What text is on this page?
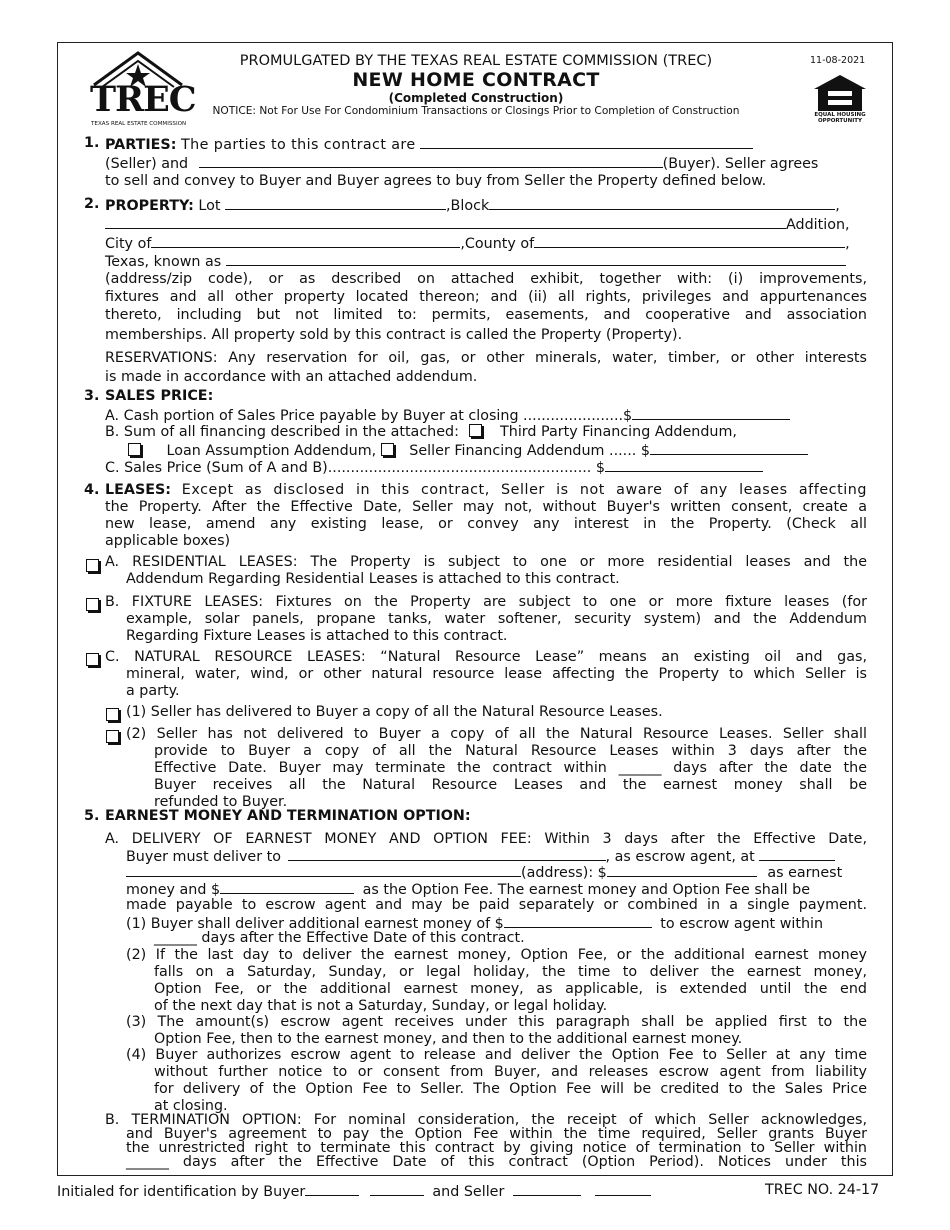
TREC
TEXAS REAL ESTATE COMMISSION
PROMULGATED BY THE TEXAS REAL ESTATE COMMISSION (TREC)
NEW HOME CONTRACT
(Completed Construction)
NOTICE: Not For Use For Condominium Transactions or Closings Prior to Completion of Construction
11-08-2021
EQUAL HOUSING
OPPORTUNITY
1. PARTIES: The parties to this contract are
(Seller) and	(Buyer). Seller agrees
to sell and convey to Buyer and Buyer agrees to buy from Seller the Property defined below.
2. PROPERTY: Lot	,Block	,
Addition,
City of	,County of	,
Texas, known as
(address/zip code), or as described on attached exhibit, together with: (i) improvements,
fixtures and all other property located thereon; and (ii) all rights, privileges and appurtenances
thereto, including but not limited to: permits, easements, and cooperative and association
memberships. All property sold by this contract is called the Property (Property).
RESERVATIONS: Any reservation for oil, gas, or other minerals, water, timber, or other interests
is made in accordance with an attached addendum.
3. SALES PRICE:
A. Cash portion of Sales Price payable by Buyer at closing ......................$
B. Sum of all financing described in the attached:	Third Party Financing Addendum,
Loan Assumption Addendum, Seller Financing Addendum ...... $
C. Sales Price (Sum of A and B).......................................................... $
4. LEASES: Except as disclosed in this contract, Seller is not aware of any leases affecting
the Property. After the Effective Date, Seller may not, without Buyer's written consent, create a
new lease, amend any existing lease, or convey any interest in the Property. (Check all
applicable boxes)
A. RESIDENTIAL LEASES: The Property is subject to one or more residential leases and the
Addendum Regarding Residential Leases is attached to this contract.
B. FIXTURE LEASES: Fixtures on the Property are subject to one or more fixture leases (for
example, solar panels, propane tanks, water softener, security system) and the Addendum
Regarding Fixture Leases is attached to this contract.
C. NATURAL RESOURCE LEASES: “Natural Resource Lease” means an existing oil and gas,
mineral, water, wind, or other natural resource lease affecting the Property to which Seller is
a party.
(1) Seller has delivered to Buyer a copy of all the Natural Resource Leases.
(2) Seller has not delivered to Buyer a copy of all the Natural Resource Leases. Seller shall
provide to Buyer a copy of all the Natural Resource Leases within 3 days after the
Effective Date. Buyer may terminate the contract within ______ days after the date the
Buyer receives all the Natural Resource Leases and the earnest money shall be
refunded to Buyer.
5. EARNEST MONEY AND TERMINATION OPTION:
A. DELIVERY OF EARNEST MONEY AND OPTION FEE: Within 3 days after the Effective Date,
Buyer must deliver to	, as escrow agent, at
(address): $	as earnest
money and $	as the Option Fee. The earnest money and Option Fee shall be
made payable to escrow agent and may be paid separately or combined in a single payment.
(1) Buyer shall deliver additional earnest money of $	to escrow agent within
______ days after the Effective Date of this contract.
(2) If the last day to deliver the earnest money, Option Fee, or the additional earnest money
falls on a Saturday, Sunday, or legal holiday, the time to deliver the earnest money,
Option Fee, or the additional earnest money, as applicable, is extended until the end
of the next day that is not a Saturday, Sunday, or legal holiday.
(3) The amount(s) escrow agent receives under this paragraph shall be applied first to the
Option Fee, then to the earnest money, and then to the additional earnest money.
(4) Buyer authorizes escrow agent to release and deliver the Option Fee to Seller at any time
without further notice to or consent from Buyer, and releases escrow agent from liability
for delivery of the Option Fee to Seller. The Option Fee will be credited to the Sales Price
at closing.
B. TERMINATION OPTION: For nominal consideration, the receipt of which Seller acknowledges,
and Buyer's agreement to pay the Option Fee within the time required, Seller grants Buyer
the unrestricted right to terminate this contract by giving notice of termination to Seller within
______ days after the Effective Date of this contract (Option Period). Notices under this
Initialed for identification by Buyer	and Seller	TREC NO. 24-17
